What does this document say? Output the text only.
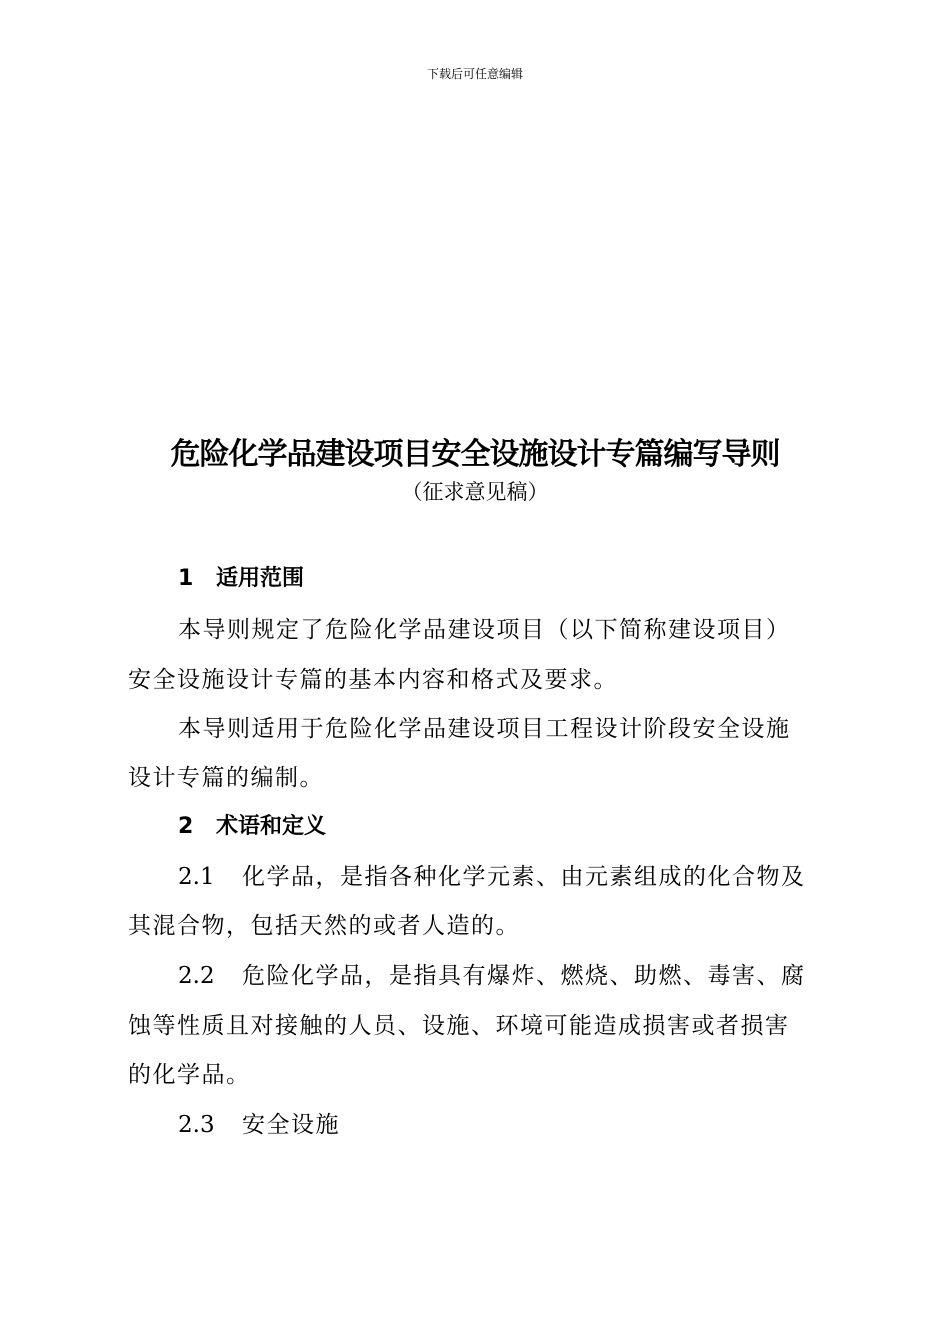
下载后可任意编辑
危险化学品建设项目安全设施设计专篇编写导则
（征求意见稿）
1 适用范围
本导则规定了危险化学品建设项目（以下简称建设项目）
安全设施设计专篇的基本内容和格式及要求。
本导则适用于危险化学品建设项目工程设计阶段安全设施
设计专篇的编制。
2 术语和定义
2.1 化学品，是指各种化学元素、由元素组成的化合物及
其混合物，包括天然的或者人造的。
2.2 危险化学品，是指具有爆炸、燃烧、助燃、毒害、腐
蚀等性质且对接触的人员、设施、环境可能造成损害或者损害
的化学品。
2.3 安全设施
